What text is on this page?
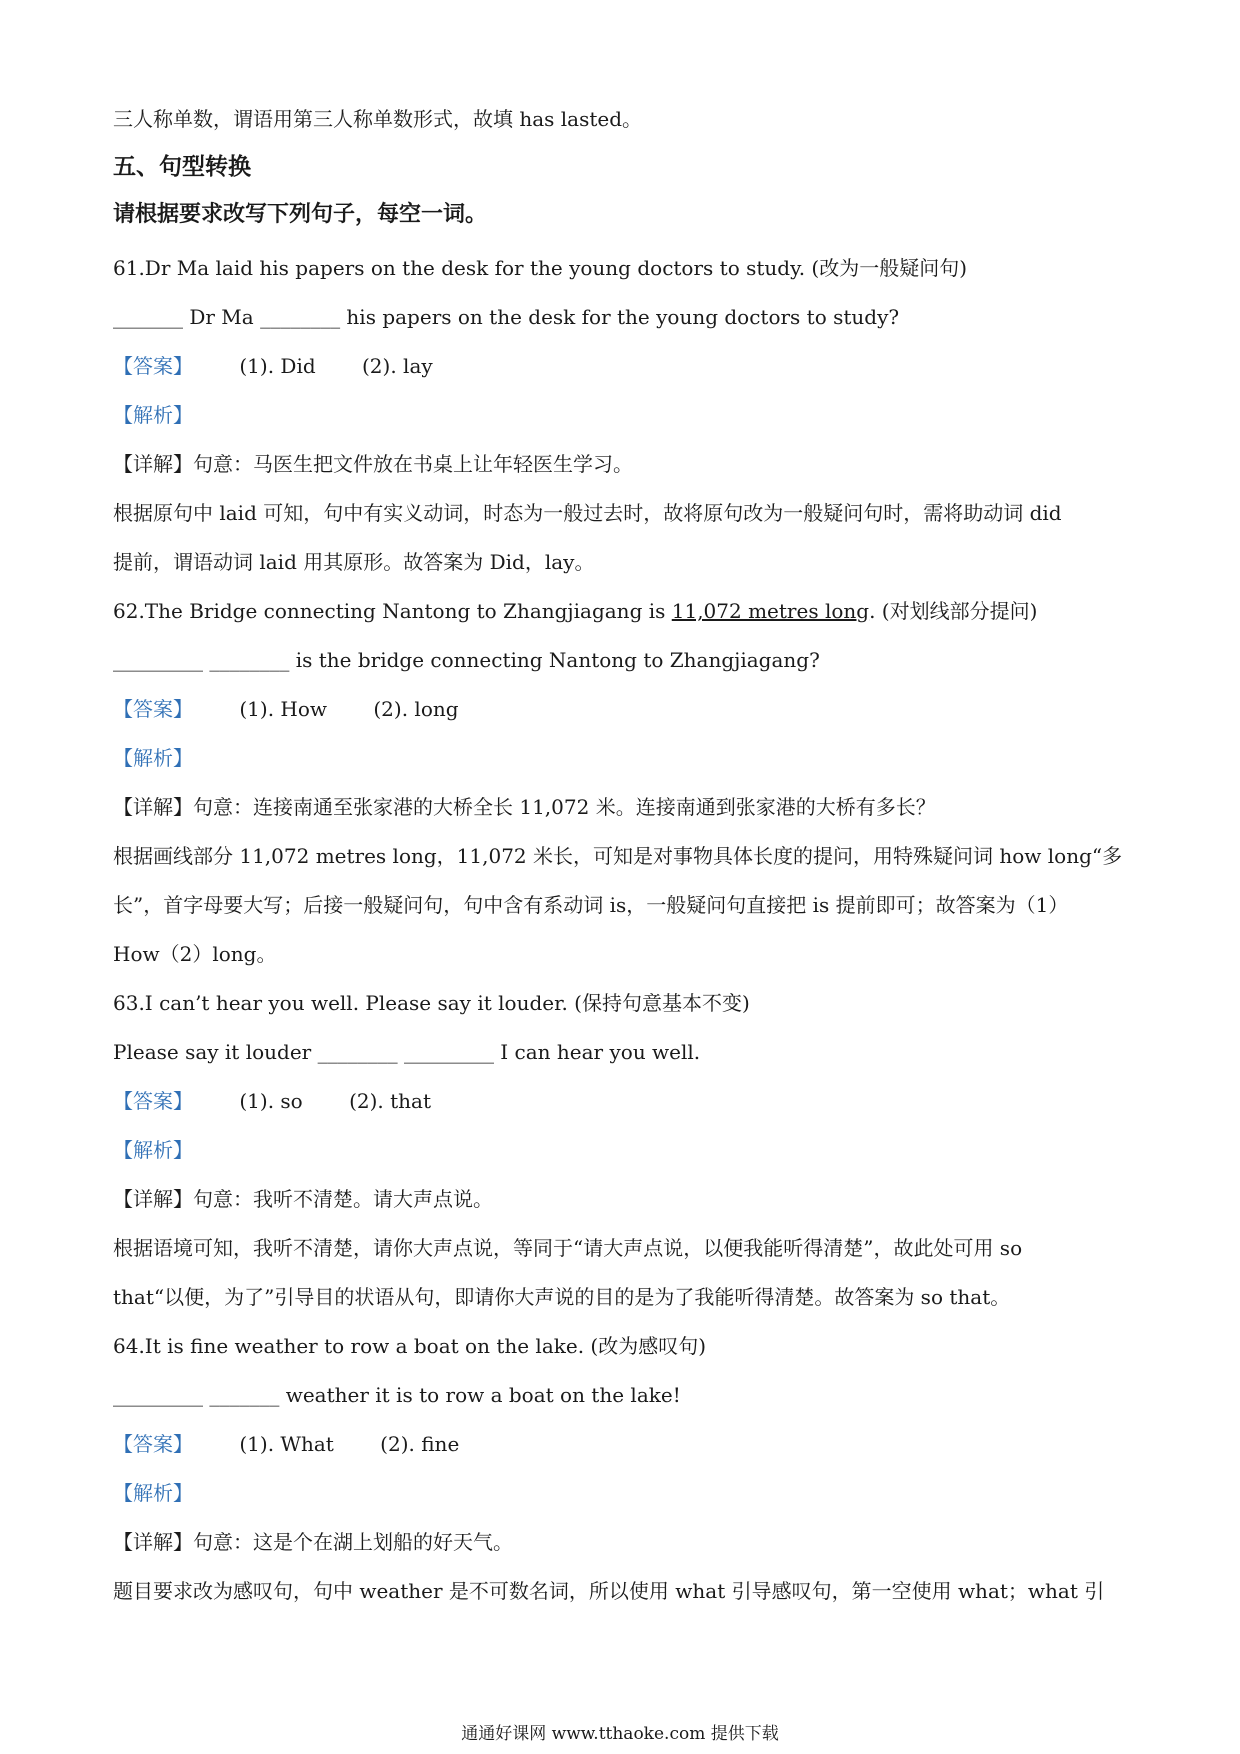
三人称单数，谓语用第三人称单数形式，故填 has lasted。
五、句型转换
请根据要求改写下列句子，每空一词。
61.Dr Ma laid his papers on the desk for the young doctors to study. (改为一般疑问句)
_______ Dr Ma ________ his papers on the desk for the young doctors to study?
【答案】 (1). Did (2). lay
【解析】
【详解】句意：马医生把文件放在书桌上让年轻医生学习。
根据原句中 laid 可知，句中有实义动词，时态为一般过去时，故将原句改为一般疑问句时，需将助动词 did
提前，谓语动词 laid 用其原形。故答案为 Did，lay。
62.The Bridge connecting Nantong to Zhangjiagang is 11,072 metres long. (对划线部分提问)
_________ ________ is the bridge connecting Nantong to Zhangjiagang?
【答案】 (1). How (2). long
【解析】
【详解】句意：连接南通至张家港的大桥全长 11,072 米。连接南通到张家港的大桥有多长？
根据画线部分 11,072 metres long，11,072 米长，可知是对事物具体长度的提问，用特殊疑问词 how long“多
长”，首字母要大写；后接一般疑问句，句中含有系动词 is，一般疑问句直接把 is 提前即可；故答案为（1）
How（2）long。
63.I can’t hear you well. Please say it louder. (保持句意基本不变)
Please say it louder ________ _________ I can hear you well.
【答案】 (1). so (2). that
【解析】
【详解】句意：我听不清楚。请大声点说。
根据语境可知，我听不清楚，请你大声点说，等同于“请大声点说，以便我能听得清楚”，故此处可用 so
that“以便，为了”引导目的状语从句，即请你大声说的目的是为了我能听得清楚。故答案为 so that。
64.It is fine weather to row a boat on the lake. (改为感叹句)
_________ _______ weather it is to row a boat on the lake!
【答案】 (1). What (2). fine
【解析】
【详解】句意：这是个在湖上划船的好天气。
题目要求改为感叹句，句中 weather 是不可数名词，所以使用 what 引导感叹句，第一空使用 what；what 引
通通好课网 www.tthaoke.com 提供下载
